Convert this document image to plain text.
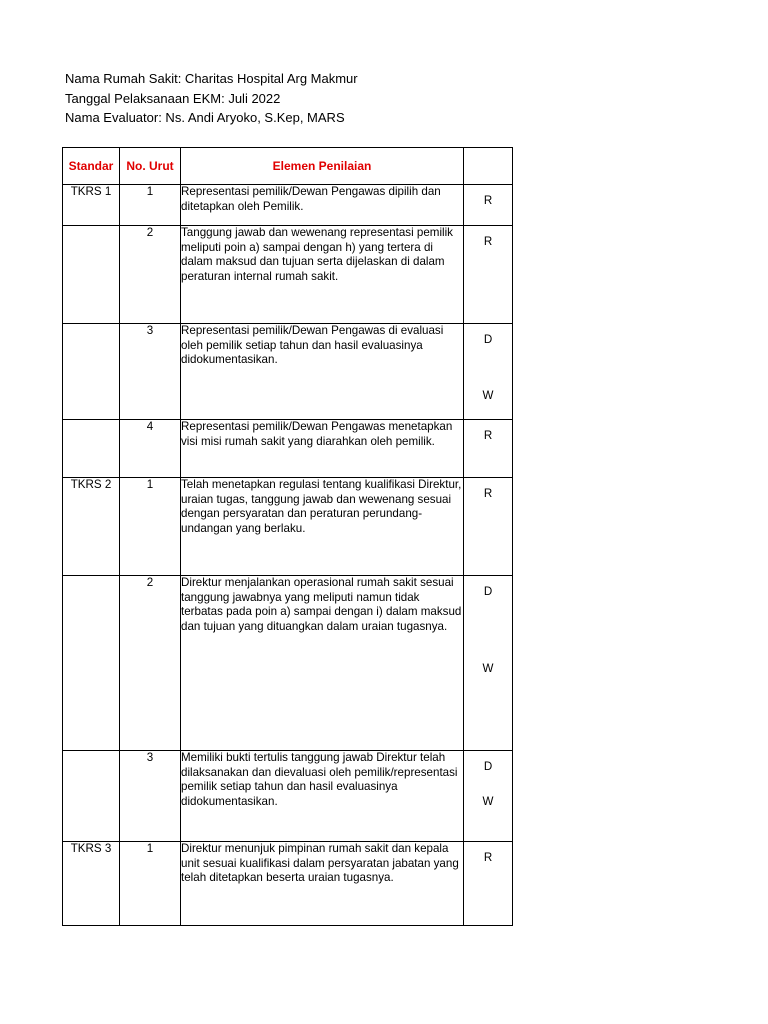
Nama Rumah Sakit: Charitas Hospital Arg Makmur
Tanggal Pelaksanaan EKM: Juli 2022
Nama Evaluator: Ns. Andi Aryoko, S.Kep, MARS
Standar	No. Urut	Elemen Penilaian	
TKRS 1	1	Representasi pemilik/Dewan Pengawas dipilih dan ditetapkan oleh Pemilik.	R

	2	Tanggung jawab dan wewenang representasi pemilik meliputi poin a) sampai dengan h) yang tertera di dalam maksud dan tujuan serta dijelaskan di dalam peraturan internal rumah sakit.	R

	3	Representasi pemilik/Dewan Pengawas di evaluasi oleh pemilik setiap tahun dan hasil evaluasinya didokumentasikan.	D
W

	4	Representasi pemilik/Dewan Pengawas menetapkan visi misi rumah sakit yang diarahkan oleh pemilik.	R

TKRS 2	1	Telah menetapkan regulasi tentang kualifikasi Direktur, uraian tugas, tanggung jawab dan wewenang sesuai dengan persyaratan dan peraturan perundang- undangan yang berlaku.	R

	2	Direktur menjalankan operasional rumah sakit sesuai tanggung jawabnya yang meliputi namun tidak terbatas pada poin a) sampai dengan i) dalam maksud dan tujuan yang dituangkan dalam uraian tugasnya.	D
W

	3	Memiliki bukti tertulis tanggung jawab Direktur telah dilaksanakan dan dievaluasi oleh pemilik/representasi pemilik setiap tahun dan hasil evaluasinya didokumentasikan.	D
W

TKRS 3	1	Direktur menunjuk pimpinan rumah sakit dan kepala unit sesuai kualifikasi dalam persyaratan jabatan yang telah ditetapkan beserta uraian tugasnya.	R
